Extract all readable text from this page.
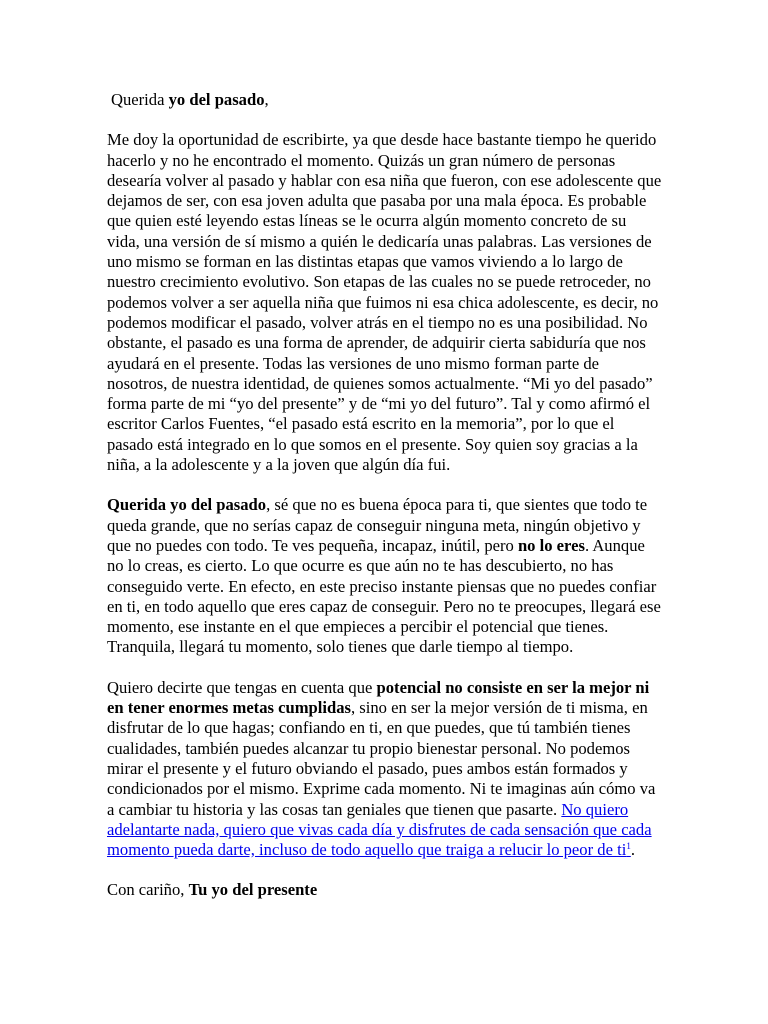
Querida yo del pasado,

Me doy la oportunidad de escribirte, ya que desde hace bastante tiempo he querido hacerlo y no he encontrado el momento. Quizás un gran número de personas desearía volver al pasado y hablar con esa niña que fueron, con ese adolescente que dejamos de ser, con esa joven adulta que pasaba por una mala época. Es probable que quien esté leyendo estas líneas se le ocurra algún momento concreto de su vida, una versión de sí mismo a quién le dedicaría unas palabras. Las versiones de uno mismo se forman en las distintas etapas que vamos viviendo a lo largo de nuestro crecimiento evolutivo. Son etapas de las cuales no se puede retroceder, no podemos volver a ser aquella niña que fuimos ni esa chica adolescente, es decir, no podemos modificar el pasado, volver atrás en el tiempo no es una posibilidad. No obstante, el pasado es una forma de aprender, de adquirir cierta sabiduría que nos ayudará en el presente. Todas las versiones de uno mismo forman parte de nosotros, de nuestra identidad, de quienes somos actualmente. “Mi yo del pasado” forma parte de mi “yo del presente” y de “mi yo del futuro”. Tal y como afirmó el escritor Carlos Fuentes, “el pasado está escrito en la memoria”, por lo que el pasado está integrado en lo que somos en el presente. Soy quien soy gracias a la niña, a la adolescente y a la joven que algún día fui.

Querida yo del pasado, sé que no es buena época para ti, que sientes que todo te queda grande, que no serías capaz de conseguir ninguna meta, ningún objetivo y que no puedes con todo. Te ves pequeña, incapaz, inútil, pero no lo eres. Aunque no lo creas, es cierto. Lo que ocurre es que aún no te has descubierto, no has conseguido verte. En efecto, en este preciso instante piensas que no puedes confiar en ti, en todo aquello que eres capaz de conseguir. Pero no te preocupes, llegará ese momento, ese instante en el que empieces a percibir el potencial que tienes. Tranquila, llegará tu momento, solo tienes que darle tiempo al tiempo.

Quiero decirte que tengas en cuenta que potencial no consiste en ser la mejor ni en tener enormes metas cumplidas, sino en ser la mejor versión de ti misma, en disfrutar de lo que hagas; confiando en ti, en que puedes, que tú también tienes cualidades, también puedes alcanzar tu propio bienestar personal. No podemos mirar el presente y el futuro obviando el pasado, pues ambos están formados y condicionados por el mismo. Exprime cada momento. Ni te imaginas aún cómo va a cambiar tu historia y las cosas tan geniales que tienen que pasarte. No quiero adelantarte nada, quiero que vivas cada día y disfrutes de cada sensación que cada momento pueda darte, incluso de todo aquello que traiga a relucir lo peor de ti$^1$.

Con cariño, Tu yo del presente
